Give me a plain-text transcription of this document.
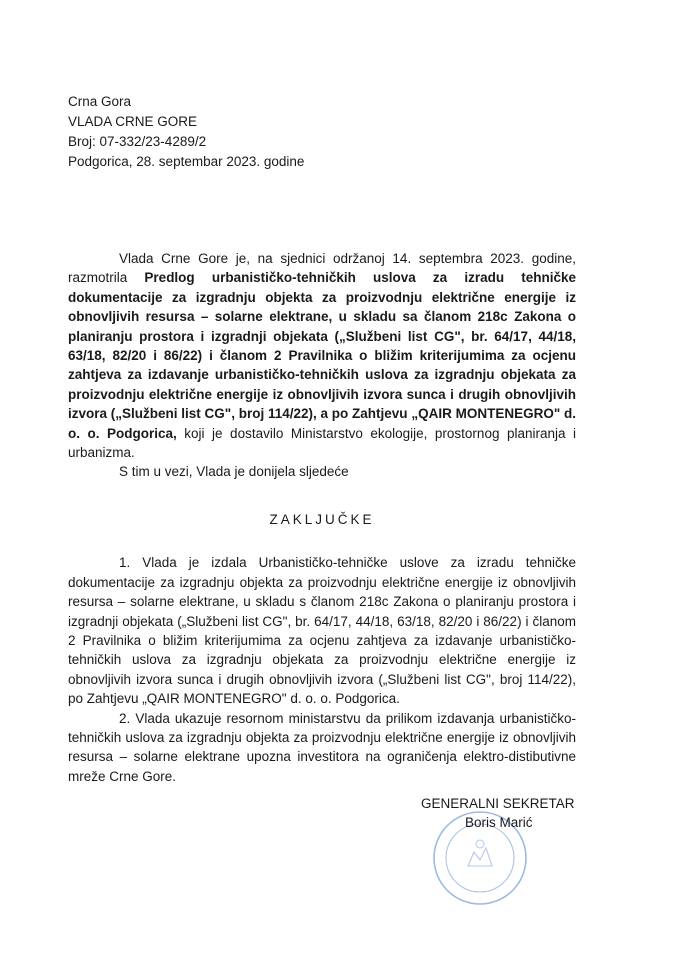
Crna Gora
VLADA CRNE GORE
Broj: 07-332/23-4289/2
Podgorica, 28. septembar 2023. godine

Vlada Crne Gore je, na sjednici održanoj 14. septembra 2023. godine, razmotrila Predlog urbanističko-tehničkih uslova za izradu tehničke dokumentacije za izgradnju objekta za proizvodnju električne energije iz obnovljivih resursa – solarne elektrane, u skladu sa članom 218c Zakona o planiranju prostora i izgradnji objekata („Službeni list CG", br. 64/17, 44/18, 63/18, 82/20 i 86/22) i članom 2 Pravilnika o bližim kriterijumima za ocjenu zahtjeva za izdavanje urbanističko-tehničkih uslova za izgradnju objekata za proizvodnju električne energije iz obnovljivih izvora sunca i drugih obnovljivih izvora („Službeni list CG", broj 114/22), a po Zahtjevu „QAIR MONTENEGRO" d. o. o. Podgorica, koji je dostavilo Ministarstvo ekologije, prostornog planiranja i urbanizma.

S tim u vezi, Vlada je donijela sljedeće

ZAKLJUČKE

1. Vlada je izdala Urbanističko-tehničke uslove za izradu tehničke dokumentacije za izgradnju objekta za proizvodnju električne energije iz obnovljivih resursa – solarne elektrane, u skladu s članom 218c Zakona o planiranju prostora i izgradnji objekata („Službeni list CG", br. 64/17, 44/18, 63/18, 82/20 i 86/22) i članom 2 Pravilnika o bližim kriterijumima za ocjenu zahtjeva za izdavanje urbanističko-tehničkih uslova za izgradnju objekata za proizvodnju električne energije iz obnovljivih izvora sunca i drugih obnovljivih izvora („Službeni list CG", broj 114/22), po Zahtjevu „QAIR MONTENEGRO" d. o. o. Podgorica.

2. Vlada ukazuje resornom ministarstvu da prilikom izdavanja urbanističko-tehničkih uslova za izgradnju objekta za proizvodnju električne energije iz obnovljivih resursa – solarne elektrane upozna investitora na ograničenja elektro-distibutivne mreže Crne Gore.

GENERALNI SEKRETAR
Boris Marić
